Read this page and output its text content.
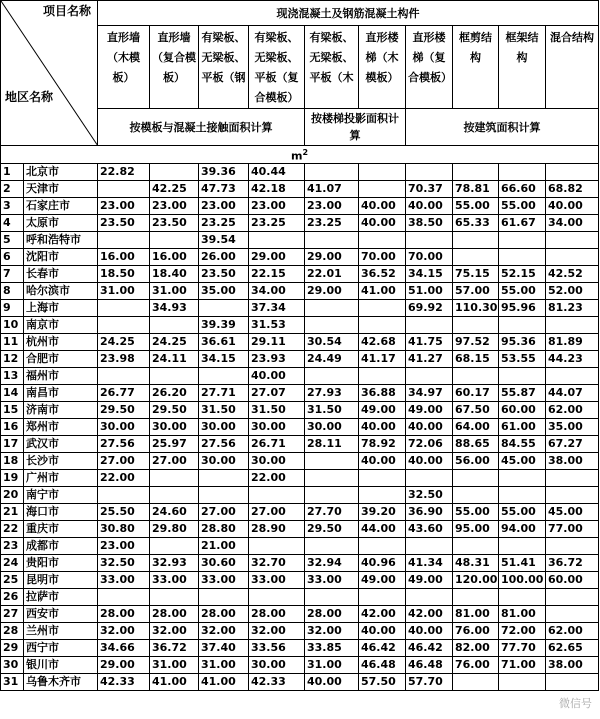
项目名称
地区名称		现浇混凝土及钢筋混凝土构件									
		直形墙（木模板）	直形墙（复合模板）	有梁板、无梁板、平板（钢	有梁板、无梁板、平板（复合模板）	有梁板、无梁板、平板（木	直形楼梯（木模板）	直形楼梯（复合模板）	框剪结构	框架结构	混合结构
		按模板与混凝土接触面积计算				按楼梯投影面积计算		按建筑面积计算			
$m^2$
1	北京市	22.82		39.36	40.44						
2	天津市		42.25	47.73	42.18	41.07		70.37	78.81	66.60	68.82
3	石家庄市	23.00	23.00	23.00	23.00	23.00	40.00	40.00	55.00	55.00	40.00
4	太原市	23.50	23.50	23.25	23.25	23.25	40.00	38.50	65.33	61.67	34.00
5	呼和浩特市			39.54							
6	沈阳市	16.00	16.00	26.00	29.00	29.00	70.00	70.00			
7	长春市	18.50	18.40	23.50	22.15	22.01	36.52	34.15	75.15	52.15	42.52
8	哈尔滨市	31.00	31.00	35.00	34.00	29.00	41.00	51.00	57.00	55.00	52.00
9	上海市		34.93		37.34			69.92	110.30	95.96	81.23
10	南京市			39.39	31.53						
11	杭州市	24.25	24.25	36.61	29.11	30.54	42.68	41.75	97.52	95.36	81.89
12	合肥市	23.98	24.11	34.15	23.93	24.49	41.17	41.27	68.15	53.55	44.23
13	福州市				40.00						
14	南昌市	26.77	26.20	27.71	27.07	27.93	36.88	34.97	60.17	55.87	44.07
15	济南市	29.50	29.50	31.50	31.50	31.50	49.00	49.00	67.50	60.00	62.00
16	郑州市	30.00	30.00	30.00	30.00	30.00	40.00	40.00	64.00	61.00	35.00
17	武汉市	27.56	25.97	27.56	26.71	28.11	78.92	72.06	88.65	84.55	67.27
18	长沙市	27.00	27.00	30.00	30.00		40.00	40.00	56.00	45.00	38.00
19	广州市	22.00			22.00						
20	南宁市							32.50			
21	海口市	25.50	24.60	27.00	27.00	27.70	39.20	36.90	55.00	55.00	45.00
22	重庆市	30.80	29.80	28.80	28.90	29.50	44.00	43.60	95.00	94.00	77.00
23	成都市	23.00		21.00							
24	贵阳市	32.50	32.93	30.60	32.70	32.94	40.96	41.34	48.31	51.41	36.72
25	昆明市	33.00	33.00	33.00	33.00	33.00	49.00	49.00	120.00	100.00	60.00
26	拉萨市										
27	西安市	28.00	28.00	28.00	28.00	28.00	42.00	42.00	81.00	81.00	
28	兰州市	32.00	32.00	32.00	32.00	32.00	40.00	40.00	76.00	72.00	62.00
29	西宁市	34.66	36.72	37.40	33.56	33.85	46.42	46.42	82.00	77.70	62.65
30	银川市	29.00	31.00	31.00	30.00	31.00	46.48	46.48	76.00	71.00	38.00
31	乌鲁木齐市	42.33	41.00	41.00	42.33	40.00	57.50	57.70			
微信号
